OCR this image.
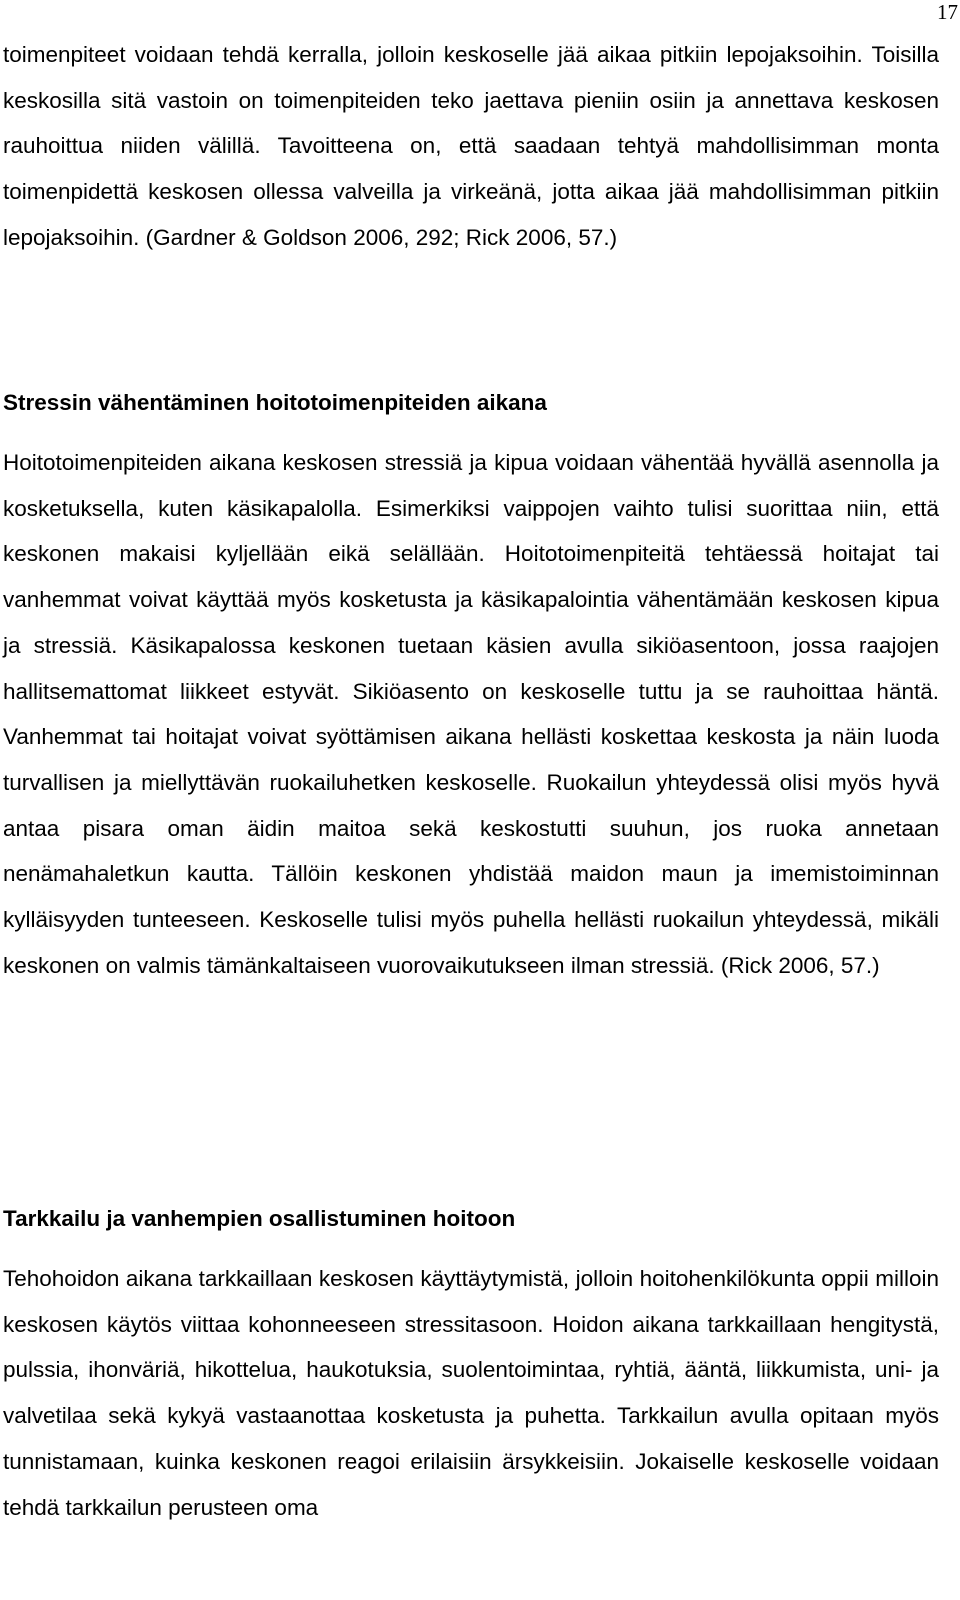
17

toimenpiteet voidaan tehdä kerralla, jolloin keskoselle jää aikaa pitkiin lepojaksoihin. Toisilla keskosilla sitä vastoin on toimenpiteiden teko jaettava pieniin osiin ja annettava keskosen rauhoittua niiden välillä. Tavoitteena on, että saadaan tehtyä mahdollisimman monta toimenpidettä keskosen ollessa valveilla ja virkeänä, jotta aikaa jää mahdollisimman pitkiin lepojaksoihin. (Gardner & Goldson 2006, 292; Rick 2006, 57.)

Stressin vähentäminen hoitotoimenpiteiden aikana

Hoitotoimenpiteiden aikana keskosen stressiä ja kipua voidaan vähentää hyvällä asennolla ja kosketuksella, kuten käsikapalolla. Esimerkiksi vaippojen vaihto tulisi suorittaa niin, että keskonen makaisi kyljellään eikä selällään. Hoitotoimenpiteitä tehtäessä hoitajat tai vanhemmat voivat käyttää myös kosketusta ja käsikapalointia vähentämään keskosen kipua ja stressiä. Käsikapalossa keskonen tuetaan käsien avulla sikiöasentoon, jossa raajojen hallitsemattomat liikkeet estyvät. Sikiöasento on keskoselle tuttu ja se rauhoittaa häntä. Vanhemmat tai hoitajat voivat syöttämisen aikana hellästi koskettaa keskosta ja näin luoda turvallisen ja miellyttävän ruokailuhetken keskoselle. Ruokailun yhteydessä olisi myös hyvä antaa pisara oman äidin maitoa sekä keskostutti suuhun, jos ruoka annetaan nenämahaletkun kautta. Tällöin keskonen yhdistää maidon maun ja imemistoiminnan kylläisyyden tunteeseen. Keskoselle tulisi myös puhella hellästi ruokailun yhteydessä, mikäli keskonen on valmis tämänkaltaiseen vuorovaikutukseen ilman stressiä. (Rick 2006, 57.)

Tarkkailu ja vanhempien osallistuminen hoitoon

Tehohoidon aikana tarkkaillaan keskosen käyttäytymistä, jolloin hoitohenkilökunta oppii milloin keskosen käytös viittaa kohonneeseen stressitasoon. Hoidon aikana tarkkaillaan hengitystä, pulssia, ihonväriä, hikottelua, haukotuksia, suolentoimintaa, ryhtiä, ääntä, liikkumista, uni- ja valvetilaa sekä kykyä vastaanottaa kosketusta ja puhetta. Tarkkailun avulla opitaan myös tunnistamaan, kuinka keskonen reagoi erilaisiin ärsykkeisiin. Jokaiselle keskoselle voidaan tehdä tarkkailun perusteen oma
